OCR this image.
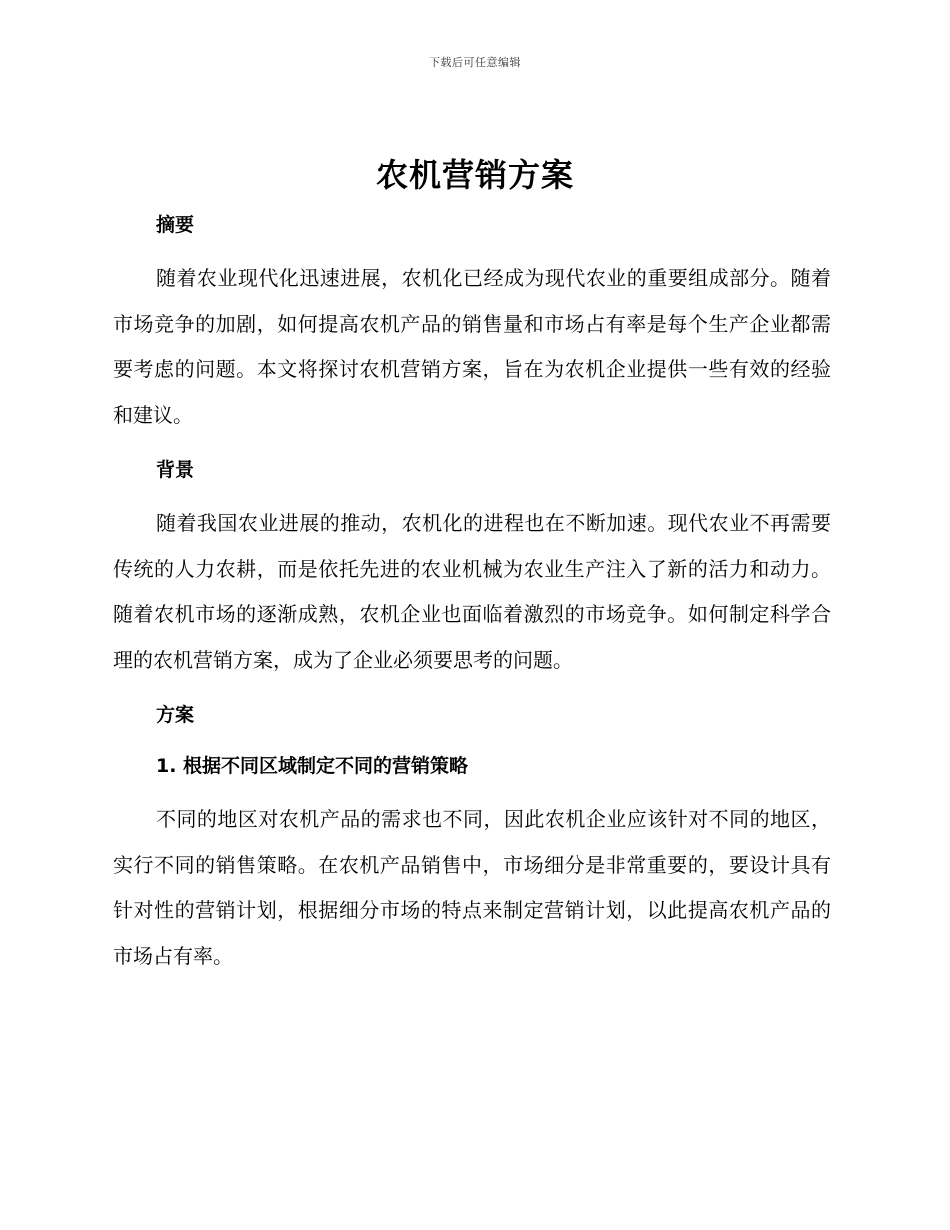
下载后可任意编辑
农机营销方案
摘要

随着农业现代化迅速进展，农机化已经成为现代农业的重要组成部分。随着市场竞争的加剧，如何提高农机产品的销售量和市场占有率是每个生产企业都需要考虑的问题。本文将探讨农机营销方案，旨在为农机企业提供一些有效的经验和建议。

背景

随着我国农业进展的推动，农机化的进程也在不断加速。现代农业不再需要传统的人力农耕，而是依托先进的农业机械为农业生产注入了新的活力和动力。随着农机市场的逐渐成熟，农机企业也面临着激烈的市场竞争。如何制定科学合理的农机营销方案，成为了企业必须要思考的问题。

方案
1. 根据不同区域制定不同的营销策略

不同的地区对农机产品的需求也不同，因此农机企业应该针对不同的地区，实行不同的销售策略。在农机产品销售中，市场细分是非常重要的，要设计具有针对性的营销计划，根据细分市场的特点来制定营销计划，以此提高农机产品的市场占有率。
